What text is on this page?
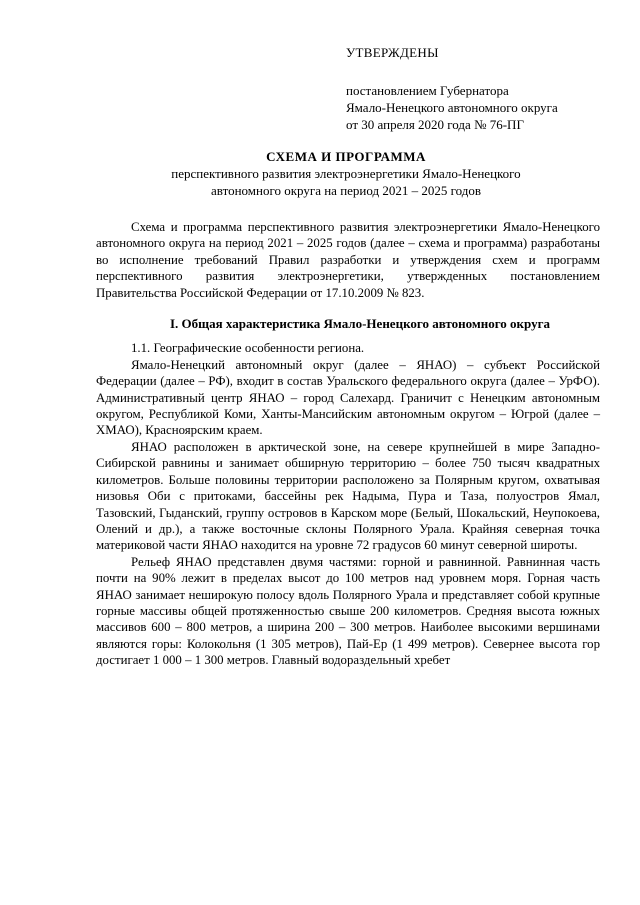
УТВЕРЖДЕНЫ
постановлением Губернатора
Ямало-Ненецкого автономного округа
от 30 апреля 2020 года № 76-ПГ
СХЕМА И ПРОГРАММА
перспективного развития электроэнергетики Ямало-Ненецкого
автономного округа на период 2021 – 2025 годов

Схема и программа перспективного развития электроэнергетики Ямало-Ненецкого автономного округа на период 2021 – 2025 годов (далее – схема и программа) разработаны во исполнение требований Правил разработки и утверждения схем и программ перспективного развития электроэнергетики, утвержденных постановлением Правительства Российской Федерации от 17.10.2009 № 823.

I. Общая характеристика Ямало-Ненецкого автономного округа

1.1. Географические особенности региона.

Ямало-Ненецкий автономный округ (далее – ЯНАО) – субъект Российской Федерации (далее – РФ), входит в состав Уральского федерального округа (далее – УрФО). Административный центр ЯНАО – город Салехард. Граничит с Ненецким автономным округом, Республикой Коми, Ханты-Мансийским автономным округом – Югрой (далее – ХМАО), Красноярским краем.

ЯНАО расположен в арктической зоне, на севере крупнейшей в мире Западно-Сибирской равнины и занимает обширную территорию – более 750 тысяч квадратных километров. Больше половины территории расположено за Полярным кругом, охватывая низовья Оби с притоками, бассейны рек Надыма, Пура и Таза, полуостров Ямал, Тазовский, Гыданский, группу островов в Карском море (Белый, Шокальский, Неупокоева, Олений и др.), а также восточные склоны Полярного Урала. Крайняя северная точка материковой части ЯНАО находится на уровне 72 градусов 60 минут северной широты.

Рельеф ЯНАО представлен двумя частями: горной и равнинной. Равнинная часть почти на 90% лежит в пределах высот до 100 метров над уровнем моря. Горная часть ЯНАО занимает неширокую полосу вдоль Полярного Урала и представляет собой крупные горные массивы общей протяженностью свыше 200 километров. Средняя высота южных массивов 600 – 800 метров, а ширина 200 – 300 метров. Наиболее высокими вершинами являются горы: Колокольня (1 305 метров), Пай-Ер (1 499 метров). Севернее высота гор достигает 1 000 – 1 300 метров. Главный водораздельный хребет
